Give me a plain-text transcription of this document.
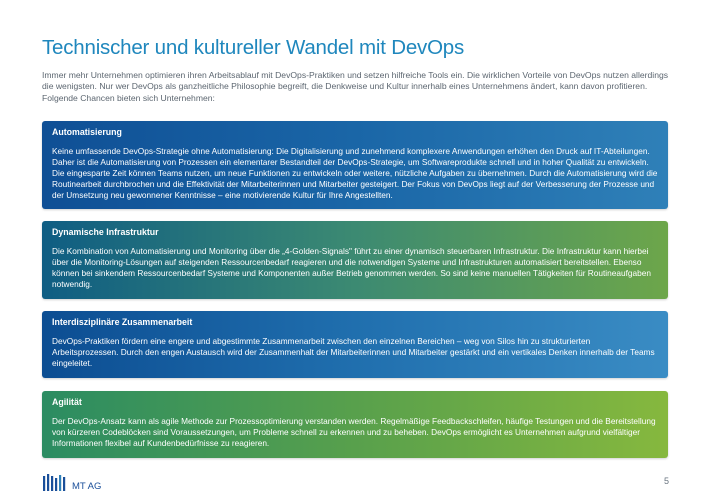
Technischer und kultureller Wandel mit DevOps

Immer mehr Unternehmen optimieren ihren Arbeitsablauf mit DevOps-Praktiken und setzen hilfreiche Tools ein. Die wirklichen Vorteile von DevOps nutzen allerdings die wenigsten. Nur wer DevOps als ganzheitliche Philosophie begreift, die Denkweise und Kultur innerhalb eines Unternehmens ändert, kann davon profitieren. Folgende Chancen bieten sich Unternehmen:

Automatisierung

Keine umfassende DevOps-Strategie ohne Automatisierung: Die Digitalisierung und zunehmend komplexere Anwendungen erhöhen den Druck auf IT-Abteilungen. Daher ist die Automatisierung von Prozessen ein elementarer Bestandteil der DevOps-Strategie, um Softwareprodukte schnell und in hoher Qualität zu entwickeln. Die eingesparte Zeit können Teams nutzen, um neue Funktionen zu entwickeln oder weitere, nützliche Aufgaben zu übernehmen. Durch die Automatisierung wird die Routinearbeit durchbrochen und die Effektivität der Mitarbeiterinnen und Mitarbeiter gesteigert. Der Fokus von DevOps liegt auf der Verbesserung der Prozesse und der Umsetzung neu gewonnener Kenntnisse – eine motivierende Kultur für Ihre Angestellten.

Dynamische Infrastruktur

Die Kombination von Automatisierung und Monitoring über die „4-Golden-Signals" führt zu einer dynamisch steuerbaren Infrastruktur. Die Infrastruktur kann hierbei über die Monitoring-Lösungen auf steigenden Ressourcenbedarf reagieren und die notwendigen Systeme und Infrastrukturen automatisiert bereitstellen. Ebenso können bei sinkendem Ressourcenbedarf Systeme und Komponenten außer Betrieb genommen werden. So sind keine manuellen Tätigkeiten für Routineaufgaben notwendig.

Interdisziplinäre Zusammenarbeit

DevOps-Praktiken fördern eine engere und abgestimmte Zusammenarbeit zwischen den einzelnen Bereichen – weg von Silos hin zu strukturierten Arbeitsprozessen. Durch den engen Austausch wird der Zusammenhalt der Mitarbeiterinnen und Mitarbeiter gestärkt und ein vertikales Denken innerhalb der Teams eingeleitet.

Agilität

Der DevOps-Ansatz kann als agile Methode zur Prozessoptimierung verstanden werden. Regelmäßige Feedbackschleifen, häufige Testungen und die Bereitstellung von kürzeren Codeblöcken sind Voraussetzungen, um Probleme schnell zu erkennen und zu beheben. DevOps ermöglicht es Unternehmen aufgrund vielfältiger Informationen flexibel auf Kundenbedürfnisse zu reagieren.

MT AG	5
